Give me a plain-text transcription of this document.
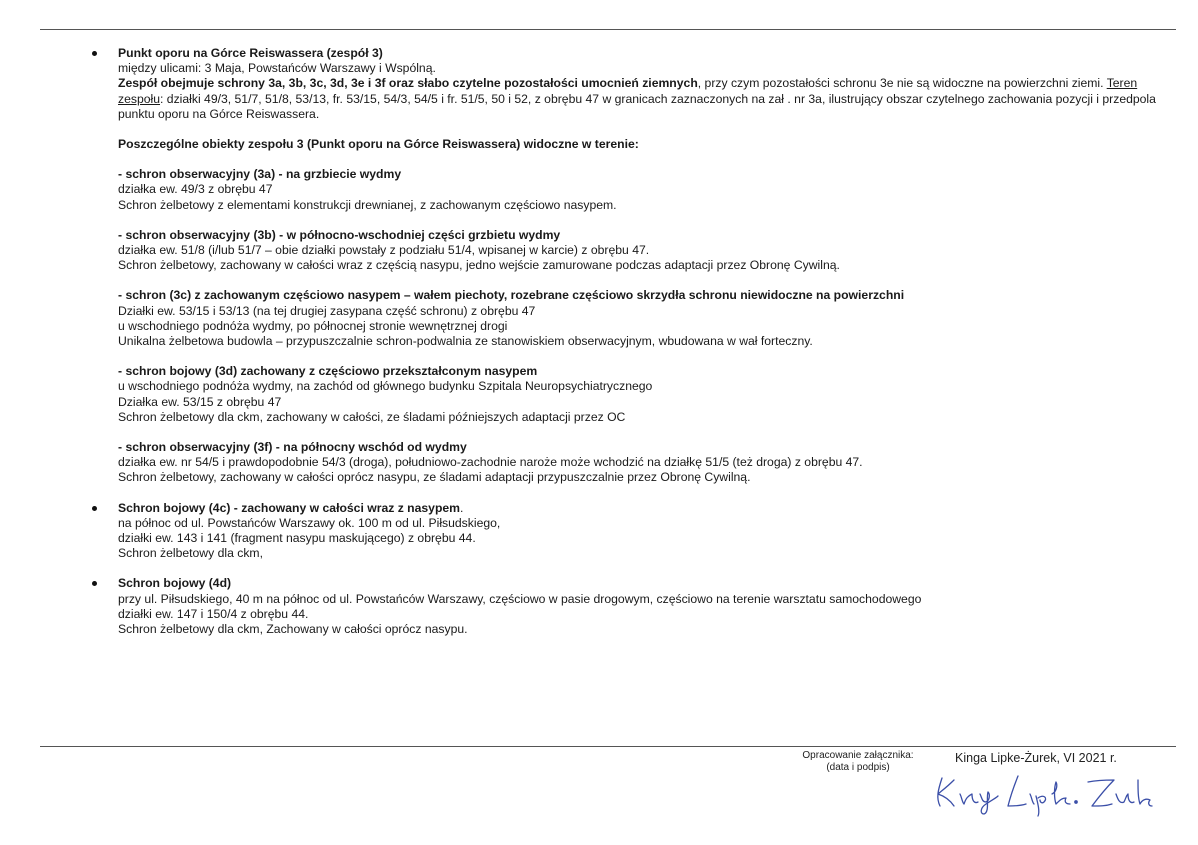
Punkt oporu na Górce Reiswassera (zespół 3)
między ulicami: 3 Maja, Powstańców Warszawy i Wspólną.
Zespół obejmuje schrony 3a, 3b, 3c, 3d, 3e i 3f oraz słabo czytelne pozostałości umocnień ziemnych, przy czym pozostałości schronu 3e nie są widoczne na powierzchni ziemi. Teren zespołu: działki 49/3, 51/7, 51/8, 53/13, fr. 53/15, 54/3, 54/5 i fr. 51/5, 50 i 52, z obrębu 47 w granicach zaznaczonych na zał . nr 3a, ilustrujący obszar czytelnego zachowania pozycji i przedpola punktu oporu na Górce Reiswassera.
Poszczególne obiekty zespołu 3 (Punkt oporu na Górce Reiswassera) widoczne w terenie:
- schron obserwacyjny (3a) - na grzbiecie wydmy
działka ew. 49/3 z obrębu 47
Schron żelbetowy z elementami konstrukcji drewnianej, z zachowanym częściowo nasypem.
- schron obserwacyjny (3b) - w północno-wschodniej części grzbietu wydmy
działka ew. 51/8 (i/lub 51/7 – obie działki powstały z podziału 51/4, wpisanej w karcie) z obrębu 47.
Schron żelbetowy, zachowany w całości wraz z częścią nasypu, jedno wejście zamurowane podczas adaptacji przez Obronę Cywilną.
- schron (3c) z zachowanym częściowo nasypem – wałem piechoty, rozebrane częściowo skrzydła schronu niewidoczne na powierzchni
Działki ew. 53/15 i 53/13 (na tej drugiej zasypana część schronu) z obrębu 47
u wschodniego podnóża wydmy, po północnej stronie wewnętrznej drogi
Unikalna żelbetowa budowla – przypuszczalnie schron-podwalnia ze stanowiskiem obserwacyjnym, wbudowana w wał forteczny.
- schron bojowy (3d) zachowany z częściowo przekształconym nasypem
u wschodniego podnóża wydmy, na zachód od głównego budynku Szpitala Neuropsychiatrycznego
Działka ew. 53/15 z obrębu 47
Schron żelbetowy dla ckm, zachowany w całości, ze śladami późniejszych adaptacji przez OC
- schron obserwacyjny (3f) - na północny wschód od wydmy
działka ew. nr 54/5 i prawdopodobnie 54/3 (droga), południowo-zachodnie naroże może wchodzić na działkę 51/5 (też droga) z obrębu 47.
Schron żelbetowy, zachowany w całości oprócz nasypu, ze śladami adaptacji przypuszczalnie przez Obronę Cywilną.
Schron bojowy (4c) - zachowany w całości wraz z nasypem.
na północ od ul. Powstańców Warszawy ok. 100 m od ul. Piłsudskiego,
działki ew. 143 i 141 (fragment nasypu maskującego) z obrębu 44.
Schron żelbetowy dla ckm,
Schron bojowy (4d)
przy ul. Piłsudskiego, 40 m na północ od ul. Powstańców Warszawy, częściowo w pasie drogowym, częściowo na terenie warsztatu samochodowego
działki ew. 147 i 150/4 z obrębu 44.
Schron żelbetowy dla ckm, Zachowany w całości oprócz nasypu.
Opracowanie załącznika:
(data i podpis)
Kinga Lipke-Żurek, VI 2021 r.
